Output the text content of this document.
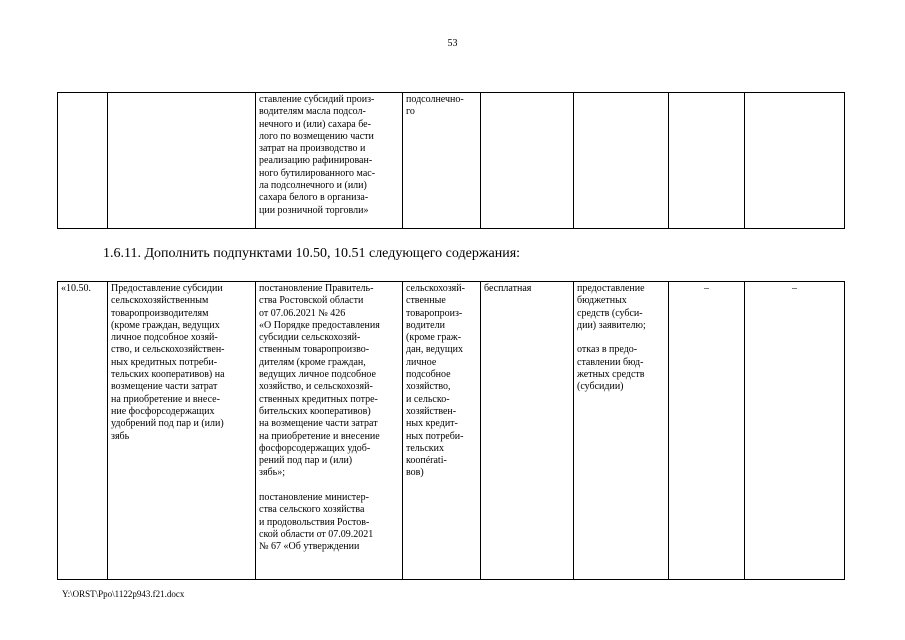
53
		ставление субсидий произ-
водителям масла подсол-
нечного и (или) сахара бе-
лого по возмещению части
затрат на производство и
реализацию рафинирован-
ного бутилированного мас-
ла подсолнечного и (или)
сахара белого в организа-
ции розничной торговли»	подсолнечно-
го				
1.6.11. Дополнить подпунктами 10.50, 10.51 следующего содержания:
«10.50.	Предоставление субсидии
сельскохозяйственным
товаропроизводителям
(кроме граждан, ведущих
личное подсобное хозяй-
ство, и сельскохозяйствен-
ных кредитных потреби-
тельских кооперативов) на
возмещение части затрат
на приобретение и внесе-
ние фосфорсодержащих
удобрений под пар и (или)
зябь	постановление Правитель-
ства Ростовской области
от 07.06.2021 № 426
«О Порядке предоставления
субсидии сельскохозяй-
ственным товаропроизво-
дителям (кроме граждан,
ведущих личное подсобное
хозяйство, и сельскохозяй-
ственных кредитных потре-
бительских кооперативов)
на возмещение части затрат
на приобретение и внесение
фосфорсодержащих удоб-
рений под пар и (или)
зябь»;

постановление министер-
ства сельского хозяйства
и продовольствия Ростов-
ской области от 07.09.2021
№ 67 «Об утверждении	сельскохозяй-
ственные
товаропроиз-
водители
(кроме граж-
дан, ведущих
личное
подсобное
хозяйство,
и сельско-
хозяйствен-
ных кредит-
ных потреби-
тельских
коопérati-
вов)	бесплатная	предоставление
бюджетных
средств (субси-
дии) заявителю;

отказ в предо-
ставлении бюд-
жетных средств
(субсидии)	–	–
Y:\ORST\Ppo\1122p943.f21.docx
